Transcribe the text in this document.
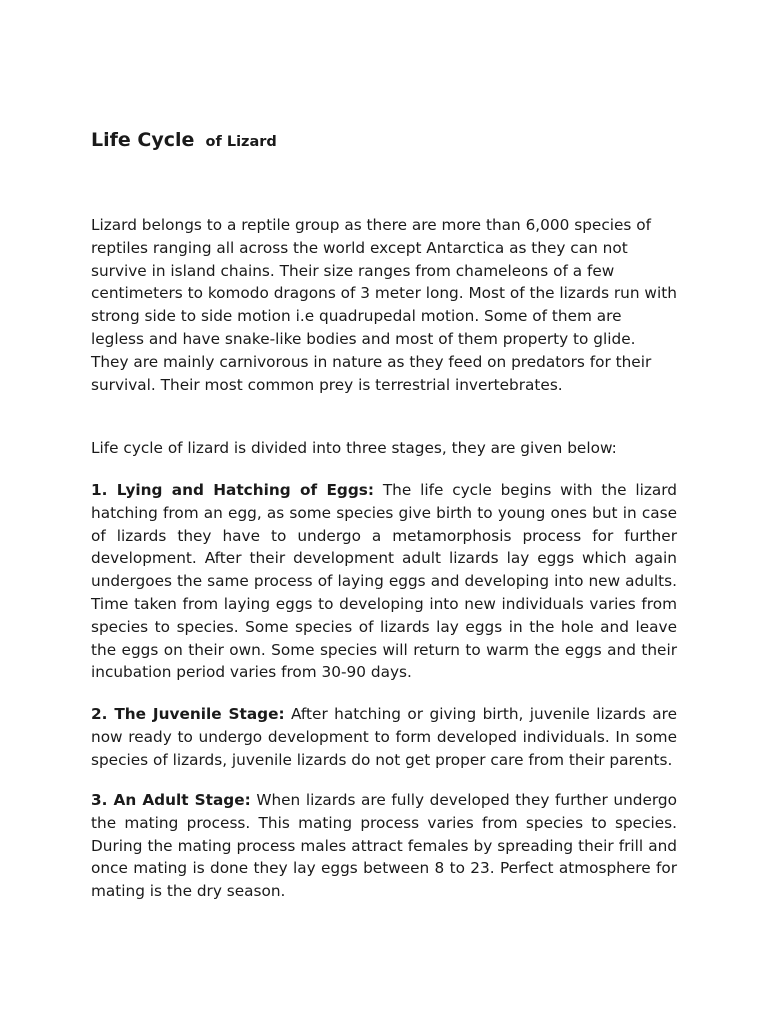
Life Cycle of Lizard

Lizard belongs to a reptile group as there are more than 6,000 species of reptiles ranging all across the world except Antarctica as they can not survive in island chains. Their size ranges from chameleons of a few centimeters to komodo dragons of 3 meter long. Most of the lizards run with strong side to side motion i.e quadrupedal motion. Some of them are legless and have snake-like bodies and most of them property to glide. They are mainly carnivorous in nature as they feed on predators for their survival. Their most common prey is terrestrial invertebrates.

Life cycle of lizard is divided into three stages, they are given below:

1. Lying and Hatching of Eggs: The life cycle begins with the lizard hatching from an egg, as some species give birth to young ones but in case of lizards they have to undergo a metamorphosis process for further development. After their development adult lizards lay eggs which again undergoes the same process of laying eggs and developing into new adults. Time taken from laying eggs to developing into new individuals varies from species to species. Some species of lizards lay eggs in the hole and leave the eggs on their own. Some species will return to warm the eggs and their incubation period varies from 30-90 days.

2. The Juvenile Stage: After hatching or giving birth, juvenile lizards are now ready to undergo development to form developed individuals. In some species of lizards, juvenile lizards do not get proper care from their parents.

3. An Adult Stage: When lizards are fully developed they further undergo the mating process. This mating process varies from species to species. During the mating process males attract females by spreading their frill and once mating is done they lay eggs between 8 to 23. Perfect atmosphere for mating is the dry season.
